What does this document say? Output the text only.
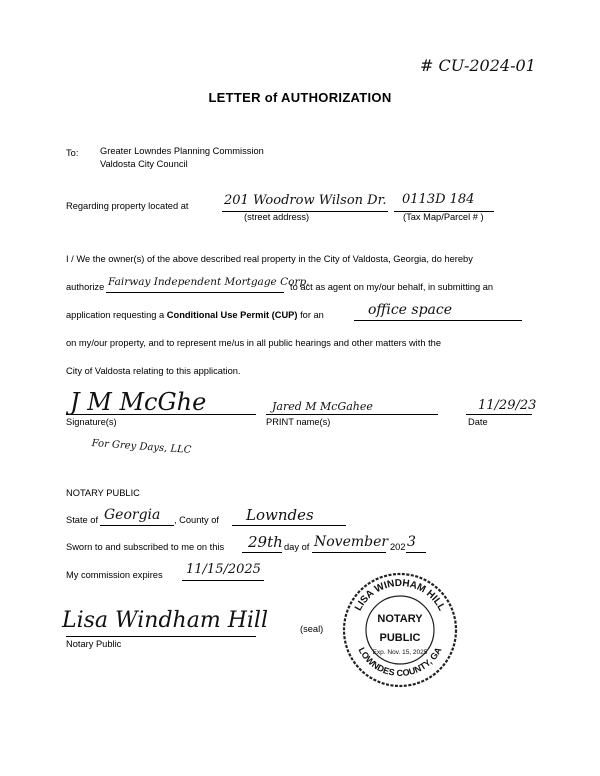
# CU-2024-01
LETTER of AUTHORIZATION
To: Greater Lowndes Planning Commission
Valdosta City Council
Regarding property located at	201 Woodrow Wilson Dr.
(street address)
0113D 184
(Tax Map/Parcel # )
I / We the owner(s) of the above described real property in the City of Valdosta, Georgia, do hereby
authorize Fairway Independent Mortgage Corp.
to act as agent on my/our behalf, in submitting an
application requesting a Conditional Use Permit (CUP) for an	office space
on my/our property, and to represent me/us in all public hearings and other matters with the
City of Valdosta relating to this application.
J M McGhe	Jared M McGahee	11/29/23
Signature(s)	PRINT name(s)	Date
For Grey Days, LLC
NOTARY PUBLIC
State of Georgia , County of Lowndes
Sworn to and subscribed to me on this 29th day of November 202 3
My commission expires 11/15/2025
Lisa Windham Hill
Notary Public
(seal)
LISA WINDHAM HILL
LOWNDES COUNTY, GA
NOTARY
PUBLIC
Exp. Nov. 15, 2025
